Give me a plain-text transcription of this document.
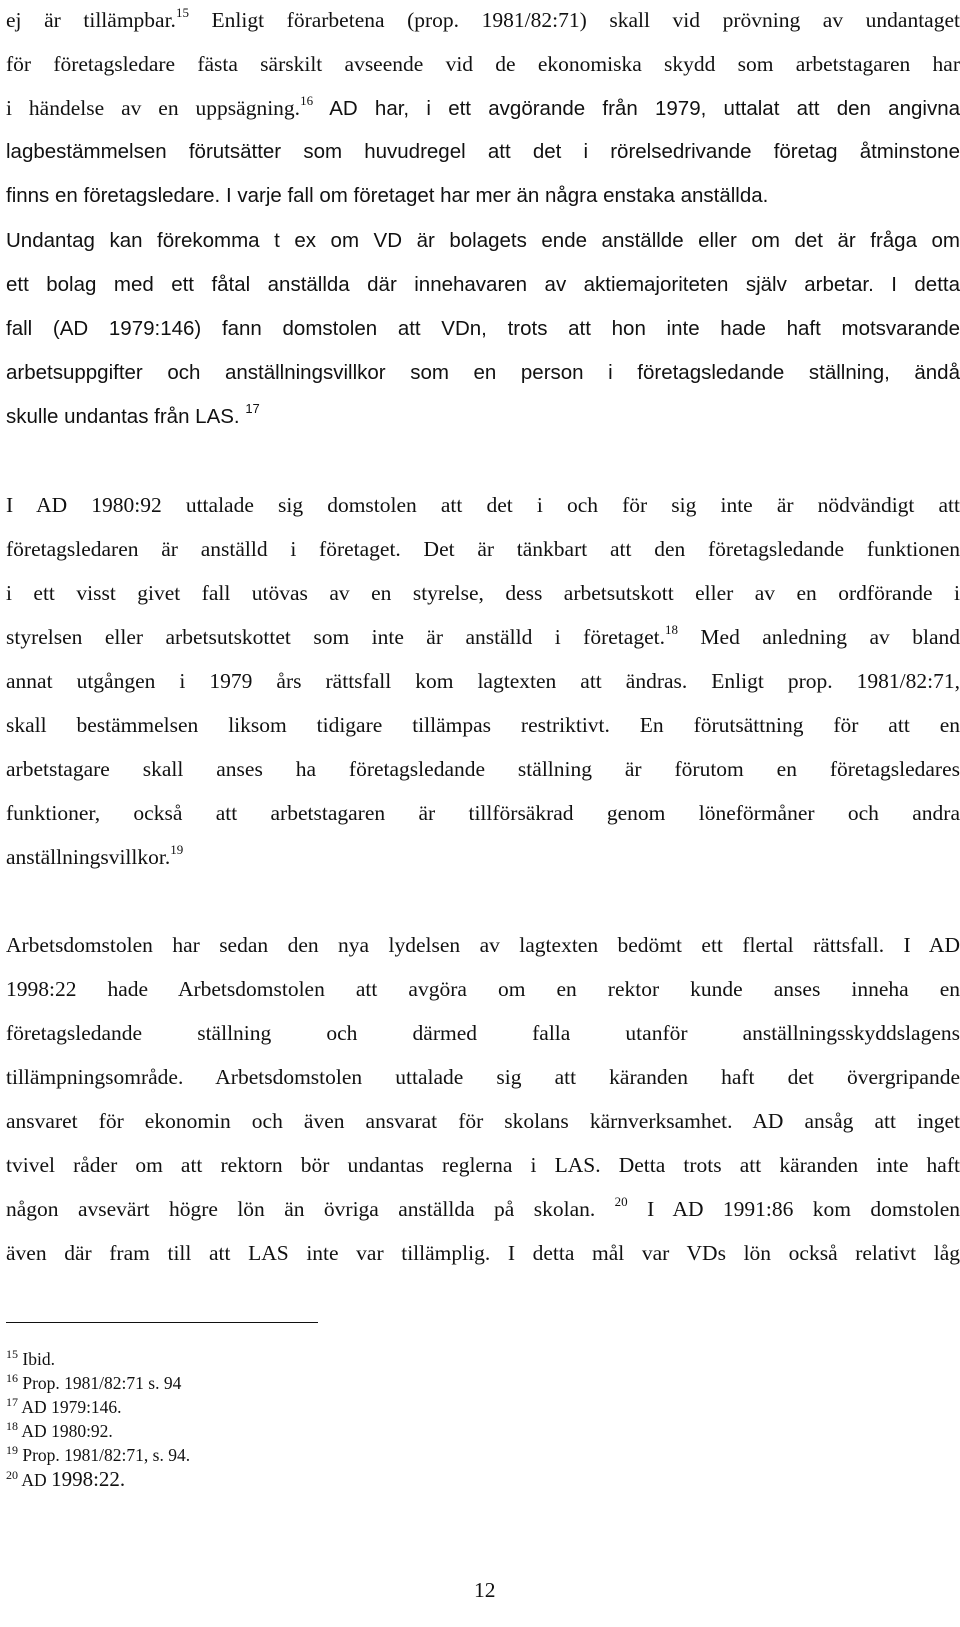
ej är tillämpbar.$^{15}$ Enligt förarbetena (prop. 1981/82:71) skall vid prövning av undantaget
för företagsledare fästa särskilt avseende vid de ekonomiska skydd som arbetstagaren har
i händelse av en uppsägning.$^{16}$ AD har, i ett avgörande från 1979, uttalat att den angivna
lagbestämmelsen förutsätter som huvudregel att det i rörelsedrivande företag åtminstone
finns en företagsledare. I varje fall om företaget har mer än några enstaka anställda.
Undantag kan förekomma t ex om VD är bolagets ende anställde eller om det är fråga om
ett bolag med ett fåtal anställda där innehavaren av aktiemajoriteten själv arbetar. I detta
fall (AD 1979:146) fann domstolen att VDn, trots att hon inte hade haft motsvarande
arbetsuppgifter och anställningsvillkor som en person i företagsledande ställning, ändå
skulle undantas från LAS. $^{17}$
I AD 1980:92 uttalade sig domstolen att det i och för sig inte är nödvändigt att
företagsledaren är anställd i företaget. Det är tänkbart att den företagsledande funktionen
i ett visst givet fall utövas av en styrelse, dess arbetsutskott eller av en ordförande i
styrelsen eller arbetsutskottet som inte är anställd i företaget.$^{18}$ Med anledning av bland
annat utgången i 1979 års rättsfall kom lagtexten att ändras. Enligt prop. 1981/82:71,
skall bestämmelsen liksom tidigare tillämpas restriktivt. En förutsättning för att en
arbetstagare skall anses ha företagsledande ställning är förutom en företagsledares
funktioner, också att arbetstagaren är tillförsäkrad genom löneförmåner och andra
anställningsvillkor.$^{19}$
Arbetsdomstolen har sedan den nya lydelsen av lagtexten bedömt ett flertal rättsfall. I AD
1998:22 hade Arbetsdomstolen att avgöra om en rektor kunde anses inneha en
företagsledande ställning och därmed falla utanför anställningsskyddslagens
tillämpningsområde. Arbetsdomstolen uttalade sig att käranden haft det övergripande
ansvaret för ekonomin och även ansvarat för skolans kärnverksamhet. AD ansåg att inget
tvivel råder om att rektorn bör undantas reglerna i LAS. Detta trots att käranden inte haft
någon avsevärt högre lön än övriga anställda på skolan. $^{20}$ I AD 1991:86 kom domstolen
även där fram till att LAS inte var tillämplig. I detta mål var VDs lön också relativt låg
$^{15}$ Ibid.
$^{16}$ Prop. 1981/82:71 s. 94
$^{17}$ AD 1979:146.
$^{18}$ AD 1980:92.
$^{19}$ Prop. 1981/82:71, s. 94.
$^{20}$ AD 1998:22.
12
